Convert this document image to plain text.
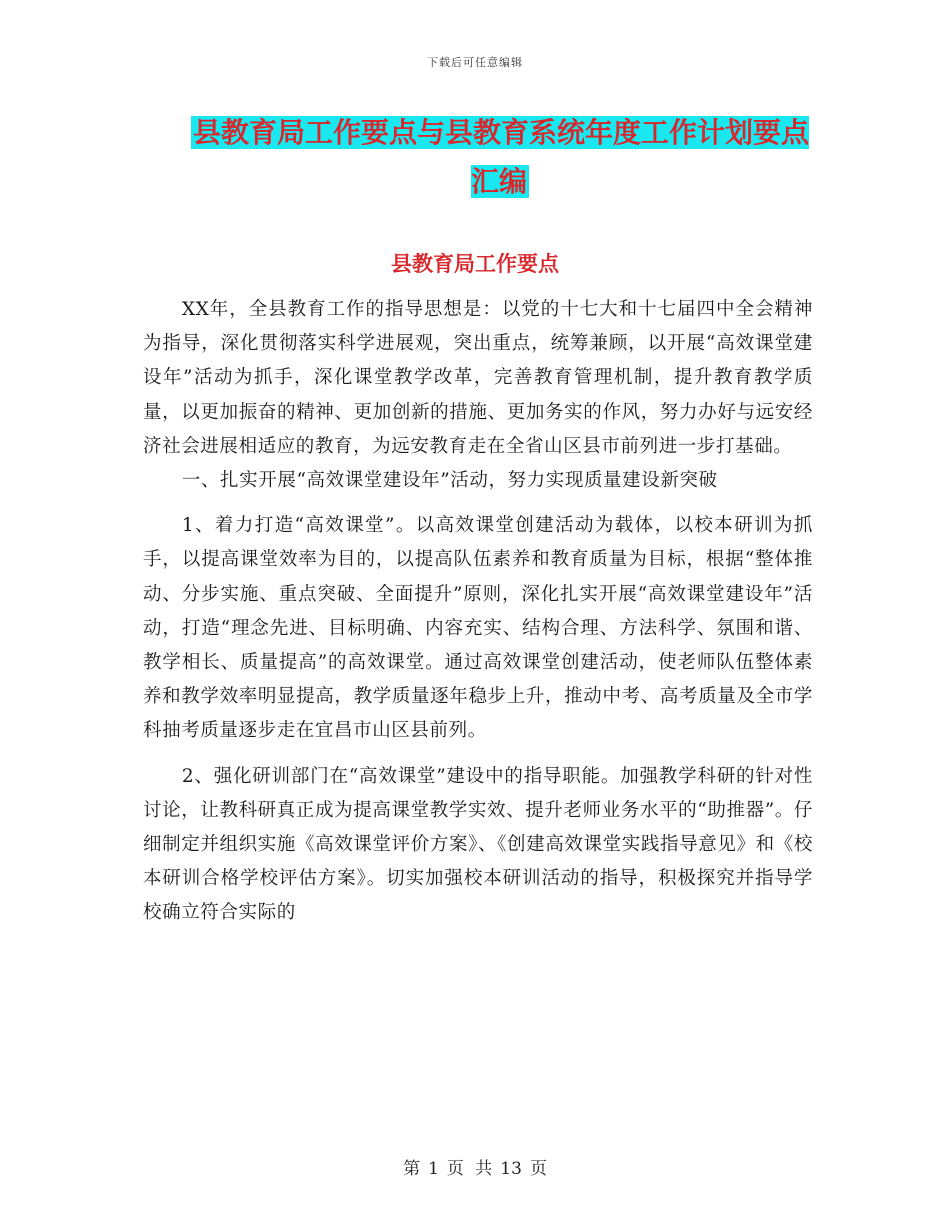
下载后可任意编辑
县教育局工作要点与县教育系统年度工作计划要点汇编
县教育局工作要点

XX年，全县教育工作的指导思想是：以党的十七大和十七届四中全会精神为指导，深化贯彻落实科学进展观，突出重点，统筹兼顾，以开展“高效课堂建设年”活动为抓手，深化课堂教学改革，完善教育管理机制，提升教育教学质量，以更加振奋的精神、更加创新的措施、更加务实的作风，努力办好与远安经济社会进展相适应的教育，为远安教育走在全省山区县市前列进一步打基础。

一、扎实开展“高效课堂建设年”活动，努力实现质量建设新突破

1、着力打造“高效课堂”。以高效课堂创建活动为载体，以校本研训为抓手，以提高课堂效率为目的，以提高队伍素养和教育质量为目标，根据“整体推动、分步实施、重点突破、全面提升”原则，深化扎实开展“高效课堂建设年”活动，打造“理念先进、目标明确、内容充实、结构合理、方法科学、氛围和谐、教学相长、质量提高”的高效课堂。通过高效课堂创建活动，使老师队伍整体素养和教学效率明显提高，教学质量逐年稳步上升，推动中考、高考质量及全市学科抽考质量逐步走在宜昌市山区县前列。

2、强化研训部门在“高效课堂”建设中的指导职能。加强教学科研的针对性讨论，让教科研真正成为提高课堂教学实效、提升老师业务水平的“助推器”。仔细制定并组织实施《高效课堂评价方案》、《创建高效课堂实践指导意见》和《校本研训合格学校评估方案》。切实加强校本研训活动的指导，积极探究并指导学校确立符合实际的

第 1 页 共 13 页
